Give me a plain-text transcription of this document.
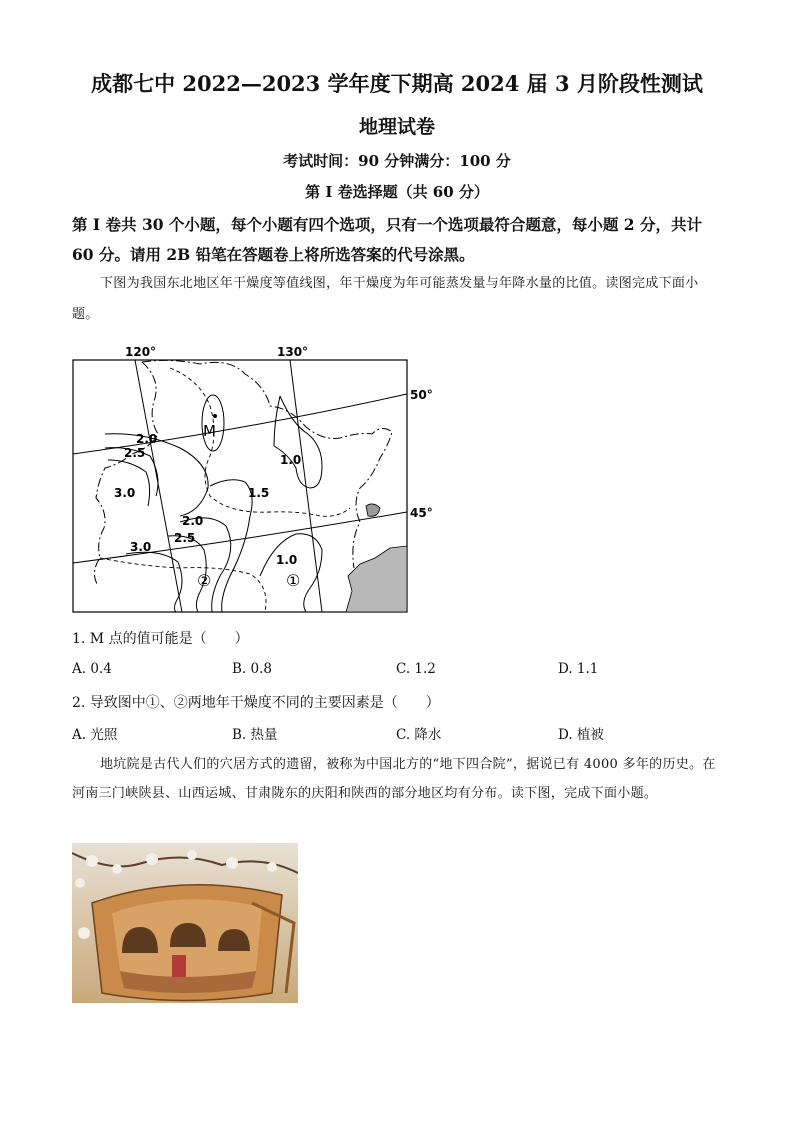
成都七中 2022—2023 学年度下期高 2024 届 3 月阶段性测试
地理试卷
考试时间：90 分钟满分：100 分
第 I 卷选择题（共 60 分）
第 I 卷共 30 个小题，每个小题有四个选项，只有一个选项最符合题意，每小题 2 分，共计 60 分。请用 2B 铅笔在答题卷上将所选答案的代号涂黑。
下图为我国东北地区年干燥度等值线图，年干燥度为年可能蒸发量与年降水量的比值。读图完成下面小题。
120°	130°
50°
45°
M
2.0
2.5
3.0
1.0
1.5
2.0
2.5
3.0
1.0
②	①
1. M 点的值可能是（　　）
A. 0.4	B. 0.8	C. 1.2	D. 1.1
2. 导致图中①、②两地年干燥度不同的主要因素是（　　）
A. 光照	B. 热量	C. 降水	D. 植被
地坑院是古代人们的穴居方式的遗留，被称为中国北方的“地下四合院”，据说已有 4000 多年的历史。在河南三门峡陕县、山西运城、甘肃陇东的庆阳和陕西的部分地区均有分布。读下图，完成下面小题。
